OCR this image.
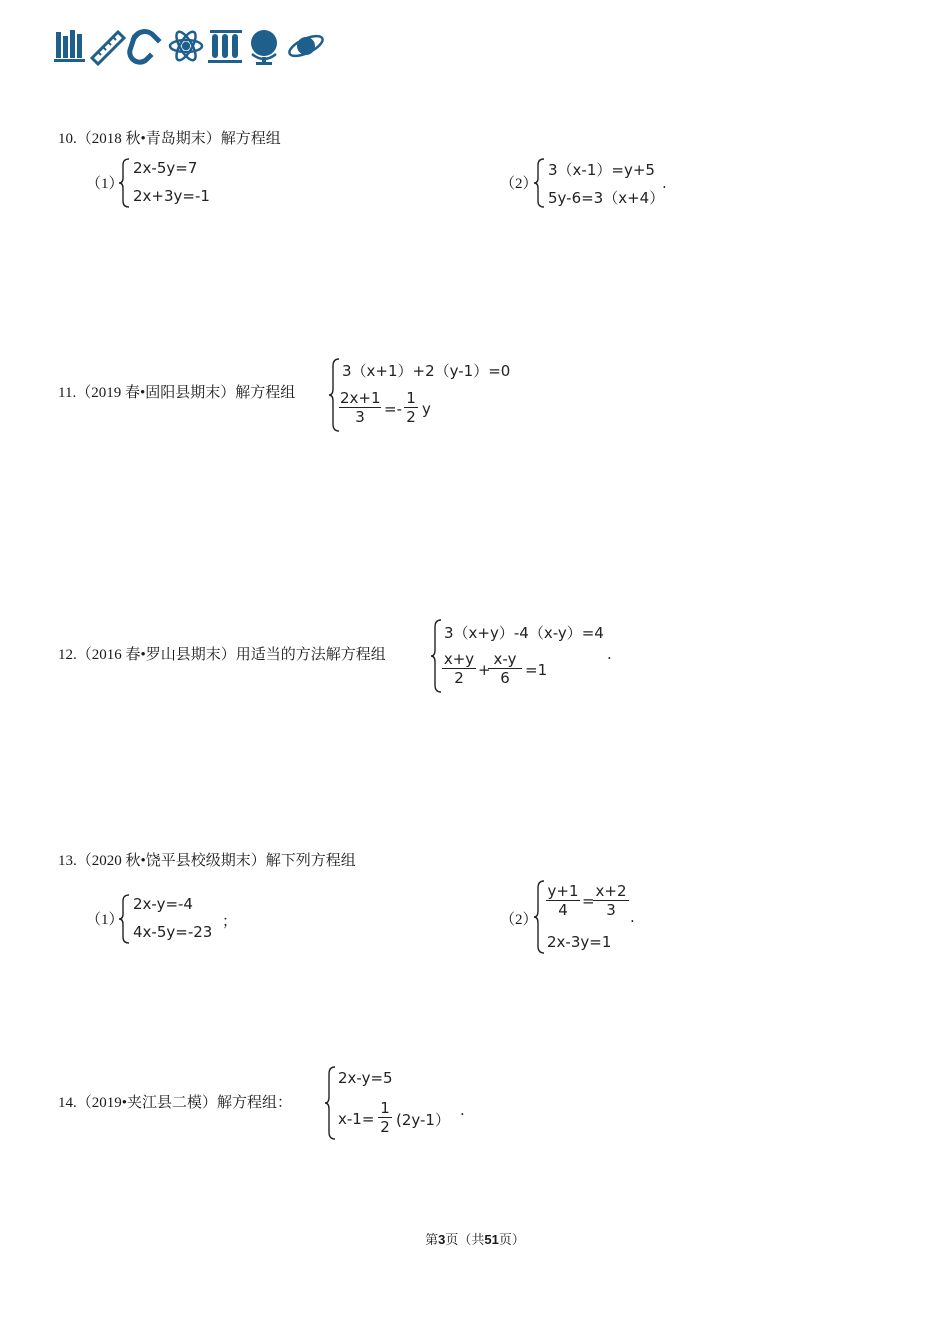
10.（2018 秋•青岛期末）解方程组
（1）
2x-5y=7
2x+3y=-1
（2）
3（x-1）=y+5
5y-6=3（x+4）
.
11.（2019 春•固阳县期末）解方程组
3（x+1）+2（y-1）=0
$\frac{2x+1}{3} =- \frac{1}{2}$ y
12.（2016 春•罗山县期末）用适当的方法解方程组
3（x+y）-4（x-y）=4
$\frac{x+y}{2}$ +
$\frac{x-y}{6} =1$
.
13.（2020 秋•饶平县校级期末）解下列方程组
（1）
2x-y=-4
4x-5y=-23
；	（2）
$\frac{y+1}{4}$ =
$\frac{x+2}{3}$ .
2x-3y=1
14.（2019•夹江县二模）解方程组：
2x-y=5
$x-1= \frac{1}{2} (2y-1)$
.
第3页（共51页）
